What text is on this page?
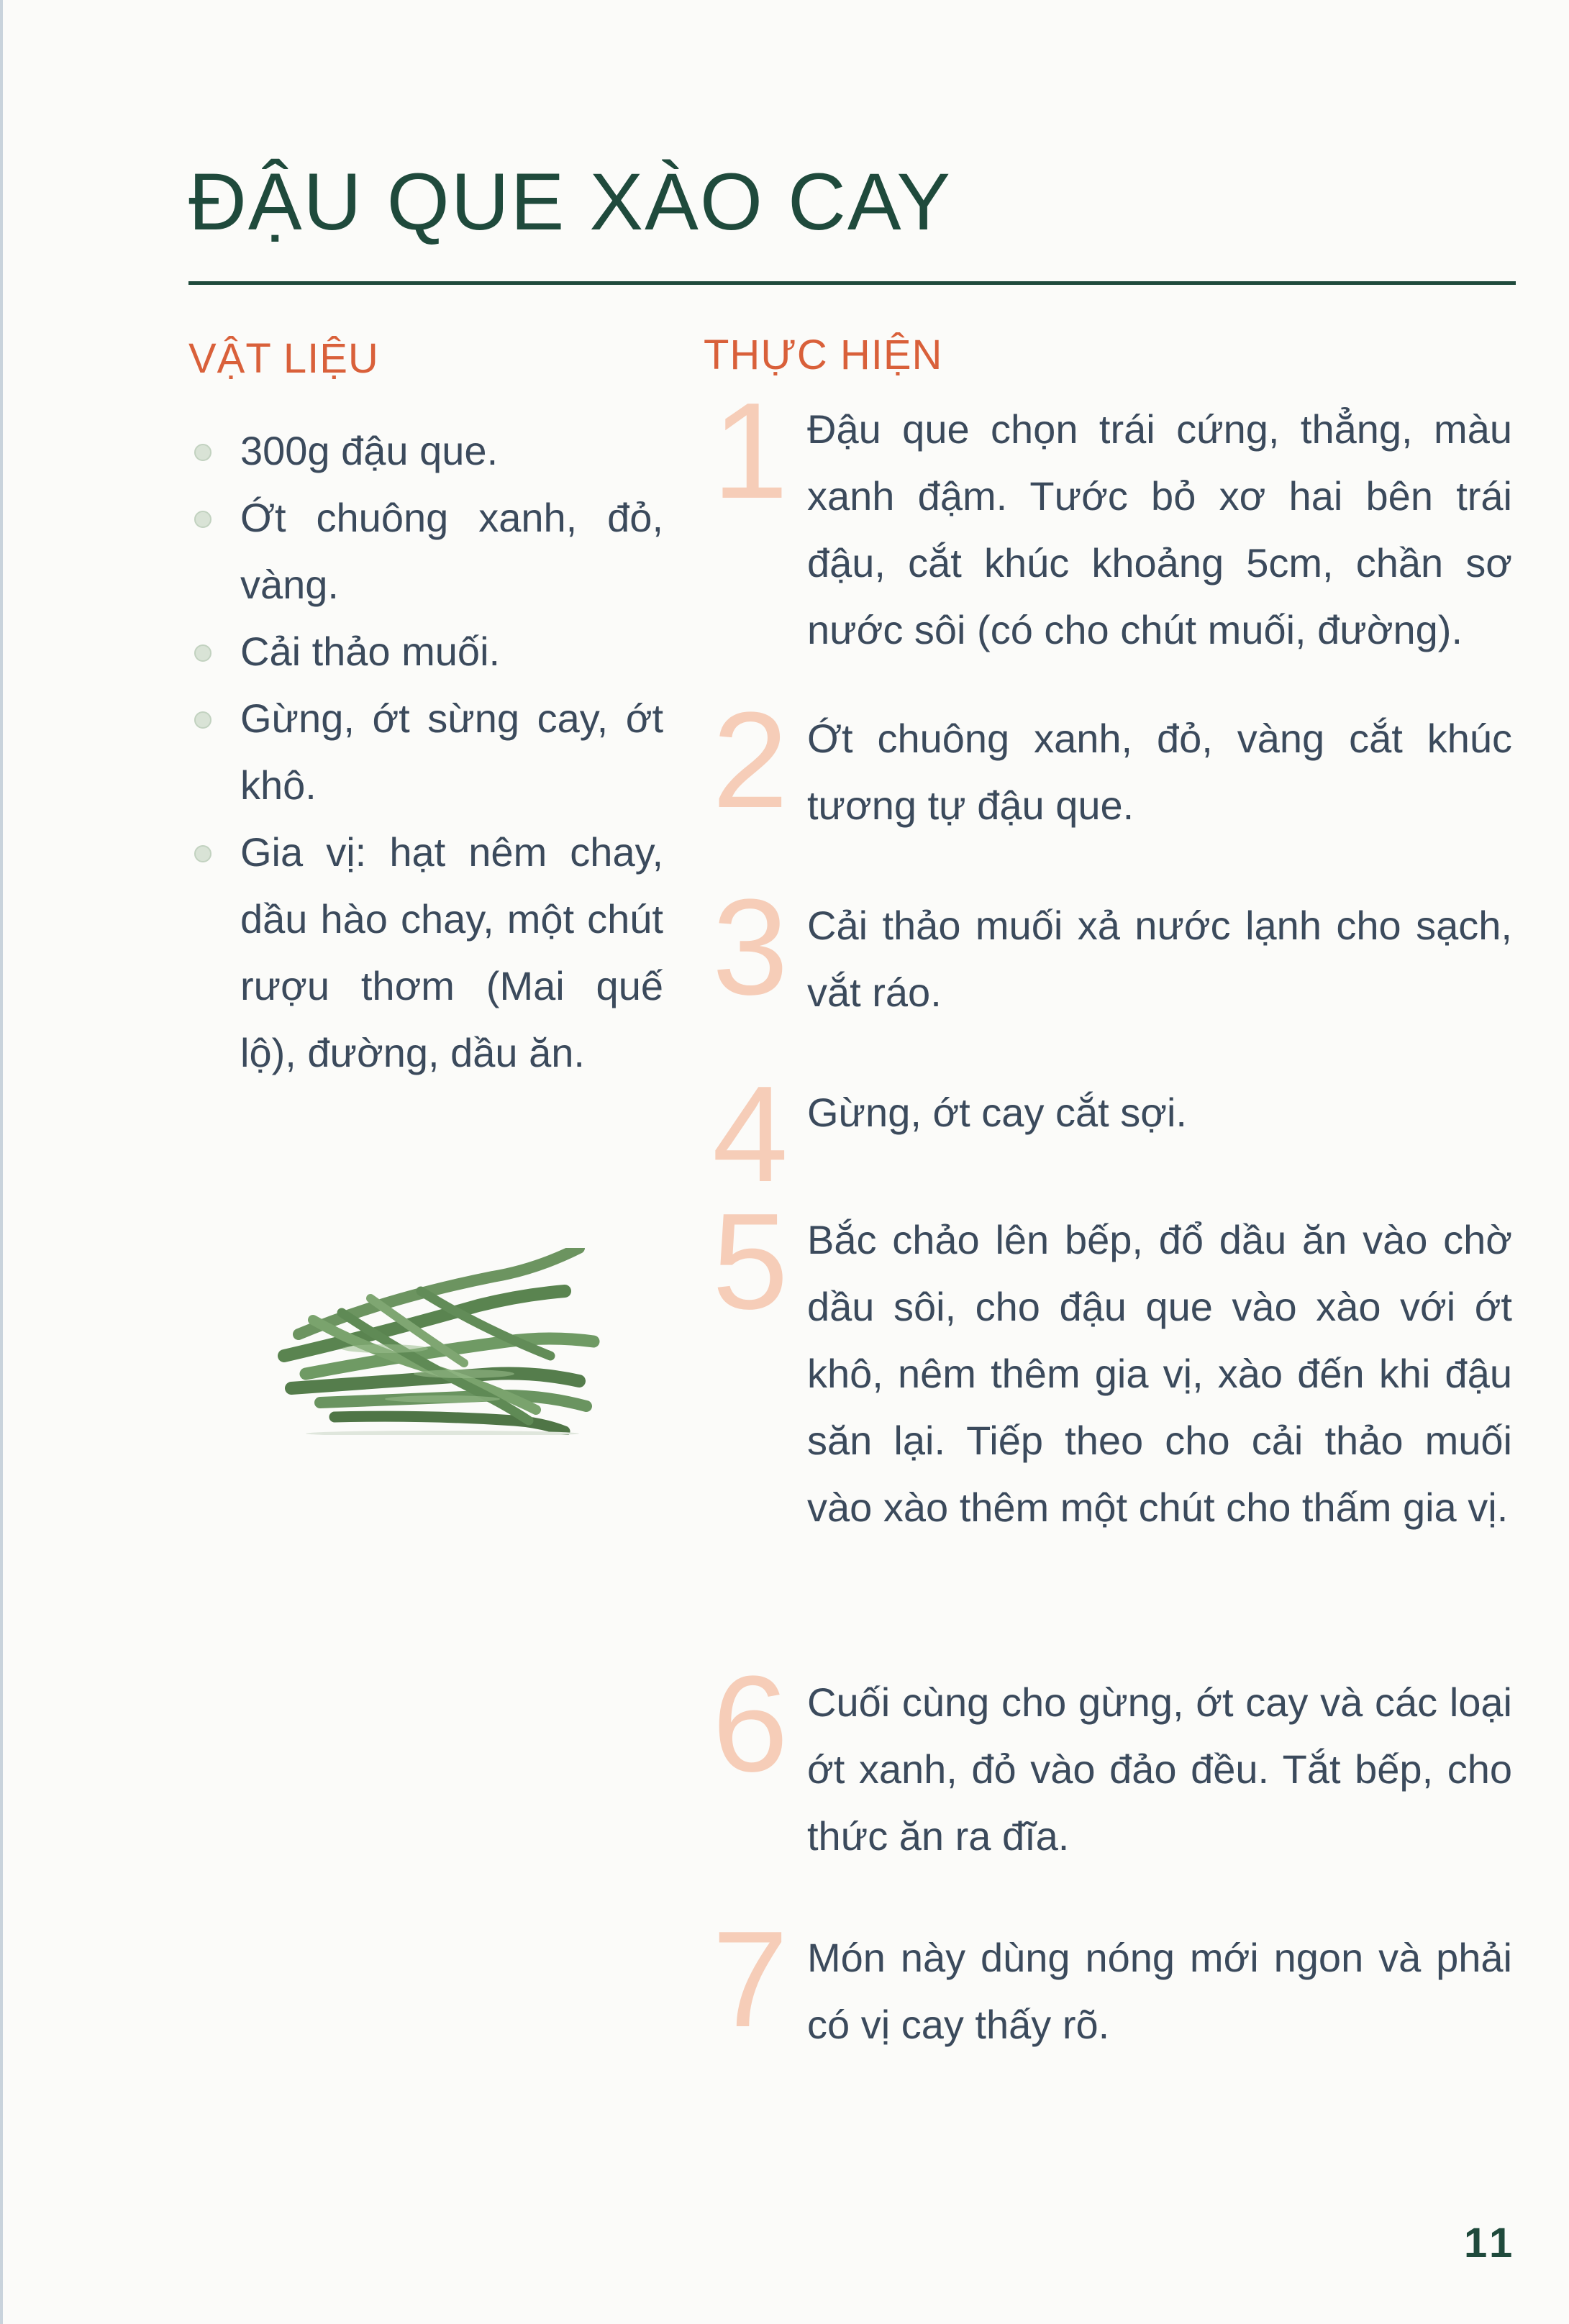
ĐẬU QUE XÀO CAY
VẬT LIỆU
300g đậu que.
Ớt chuông xanh, đỏ, vàng.
Cải thảo muối.
Gừng, ớt sừng cay, ớt khô.
Gia vị: hạt nêm chay, dầu hào chay, một chút rượu thơm (Mai quế lộ), đường, dầu ăn.
THỰC HIỆN
1 Đậu que chọn trái cứng, thẳng, màu xanh đậm. Tước bỏ xơ hai bên trái đậu, cắt khúc khoảng 5cm, chần sơ nước sôi (có cho chút muối, đường).

2 Ớt chuông xanh, đỏ, vàng cắt khúc tương tự đậu que.

3 Cải thảo muối xả nước lạnh cho sạch, vắt ráo.

4 Gừng, ớt cay cắt sợi.

5 Bắc chảo lên bếp, đổ dầu ăn vào chờ dầu sôi, cho đậu que vào xào với ớt khô, nêm thêm gia vị, xào đến khi đậu săn lại. Tiếp theo cho cải thảo muối vào xào thêm một chút cho thấm gia vị.

6 Cuối cùng cho gừng, ớt cay và các loại ớt xanh, đỏ vào đảo đều. Tắt bếp, cho thức ăn ra đĩa.

7 Món này dùng nóng mới ngon và phải có vị cay thấy rõ.

11
